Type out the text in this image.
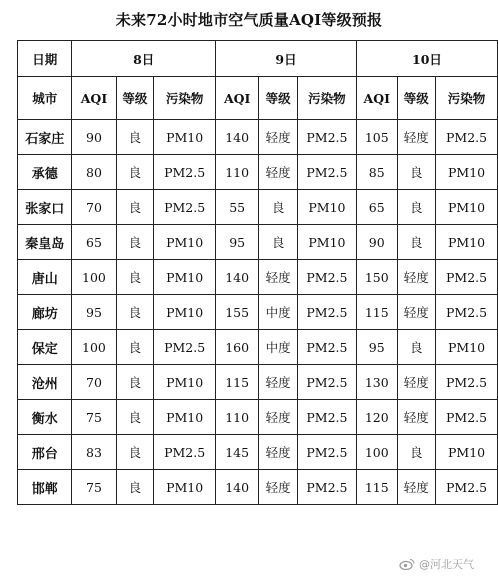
未来72小时地市空气质量AQI等级预报
日期	8日			9日			10日		
城市	AQI	等级	污染物	AQI	等级	污染物	AQI	等级	污染物
石家庄	90	良	PM10	140	轻度	PM2.5	105	轻度	PM2.5
承德	80	良	PM2.5	110	轻度	PM2.5	85	良	PM10
张家口	70	良	PM2.5	55	良	PM10	65	良	PM10
秦皇岛	65	良	PM10	95	良	PM10	90	良	PM10
唐山	100	良	PM10	140	轻度	PM2.5	150	轻度	PM2.5
廊坊	95	良	PM10	155	中度	PM2.5	115	轻度	PM2.5
保定	100	良	PM2.5	160	中度	PM2.5	95	良	PM10
沧州	70	良	PM10	115	轻度	PM2.5	130	轻度	PM2.5
衡水	75	良	PM10	110	轻度	PM2.5	120	轻度	PM2.5
邢台	83	良	PM2.5	145	轻度	PM2.5	100	良	PM10
邯郸	75	良	PM10	140	轻度	PM2.5	115	轻度	PM2.5
@河北天气
